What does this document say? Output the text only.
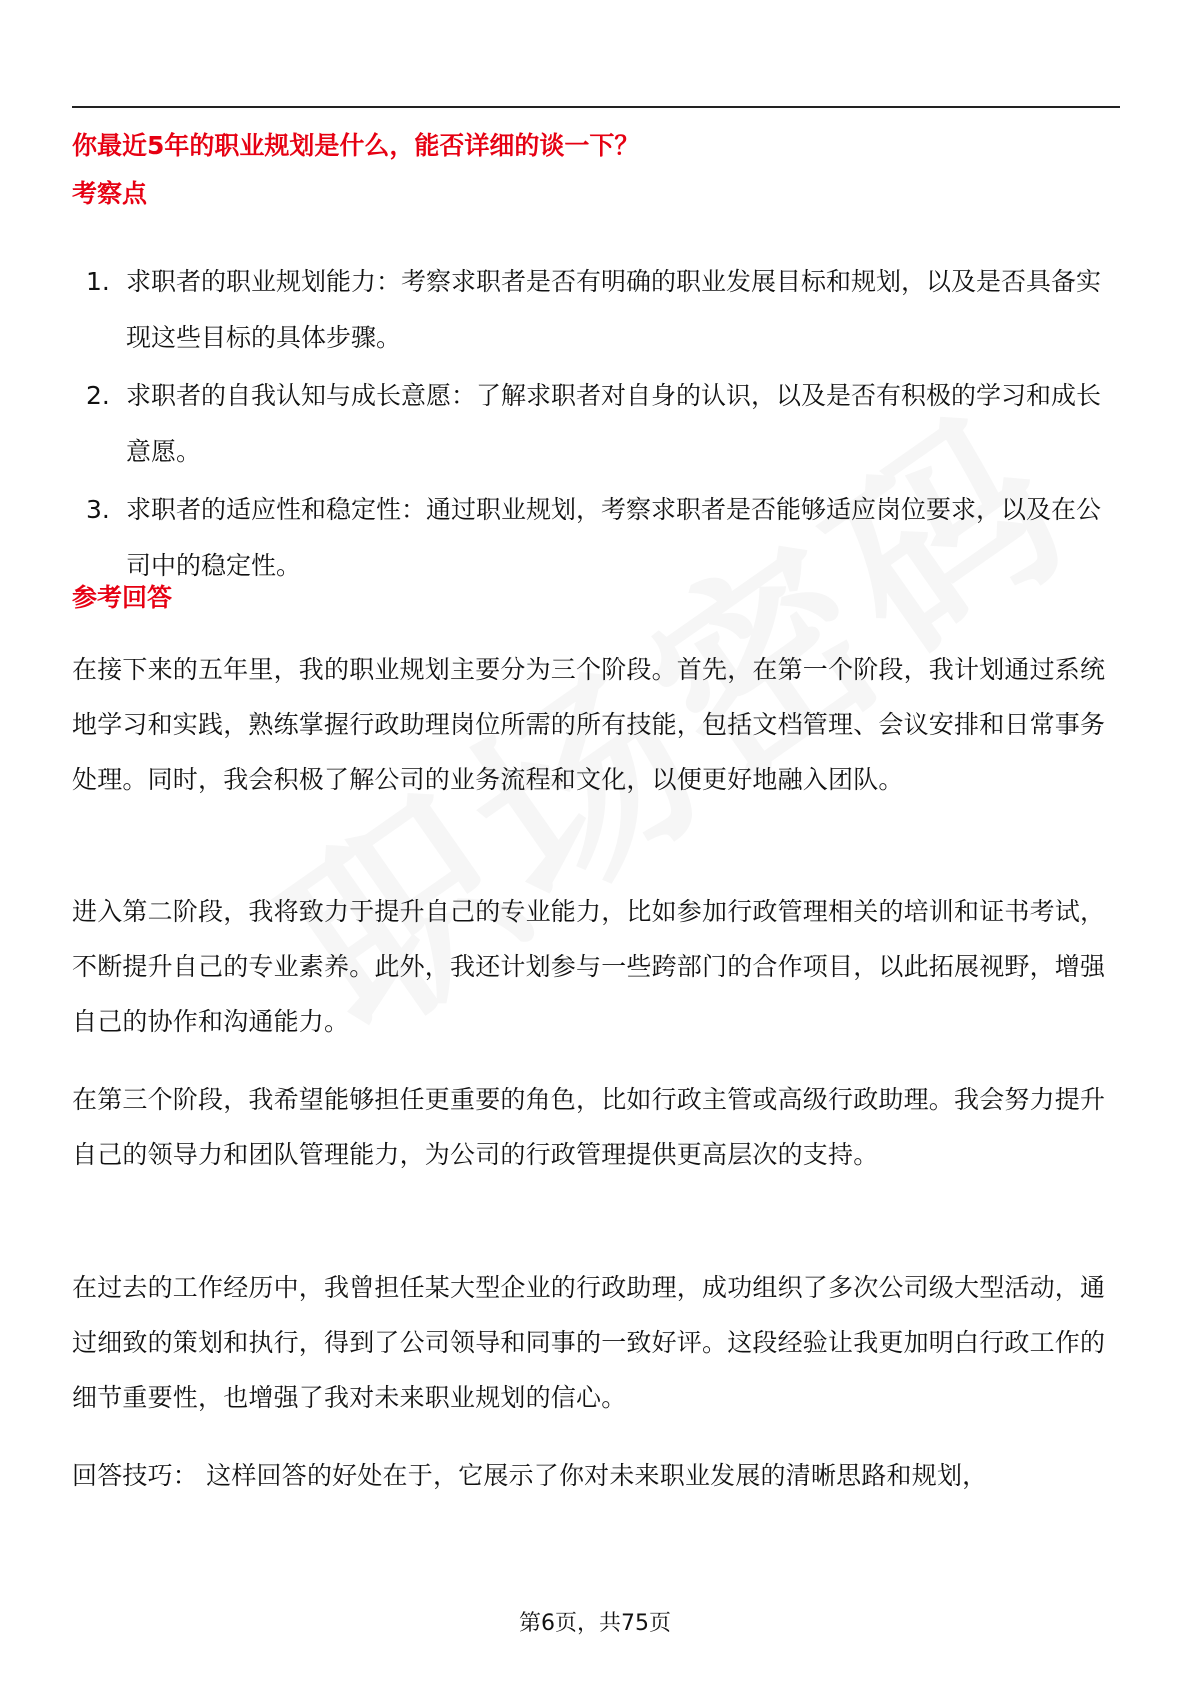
你最近5年的职业规划是什么，能否详细的谈一下？
考察点
1. 求职者的职业规划能力：考察求职者是否有明确的职业发展目标和规划，以及是否具备实现这些目标的具体步骤。
2. 求职者的自我认知与成长意愿：了解求职者对自身的认识，以及是否有积极的学习和成长意愿。
3. 求职者的适应性和稳定性：通过职业规划，考察求职者是否能够适应岗位要求，以及在公司中的稳定性。
参考回答

在接下来的五年里，我的职业规划主要分为三个阶段。首先，在第一个阶段，我计划通过系统地学习和实践，熟练掌握行政助理岗位所需的所有技能，包括文档管理、会议安排和日常事务处理。同时，我会积极了解公司的业务流程和文化，以便更好地融入团队。

进入第二阶段，我将致力于提升自己的专业能力，比如参加行政管理相关的培训和证书考试，不断提升自己的专业素养。此外，我还计划参与一些跨部门的合作项目，以此拓展视野，增强自己的协作和沟通能力。

在第三个阶段，我希望能够担任更重要的角色，比如行政主管或高级行政助理。我会努力提升自己的领导力和团队管理能力，为公司的行政管理提供更高层次的支持。

在过去的工作经历中，我曾担任某大型企业的行政助理，成功组织了多次公司级大型活动，通过细致的策划和执行，得到了公司领导和同事的一致好评。这段经验让我更加明白行政工作的细节重要性，也增强了我对未来职业规划的信心。

回答技巧： 这样回答的好处在于，它展示了你对未来职业发展的清晰思路和规划，

第6页，共75页
